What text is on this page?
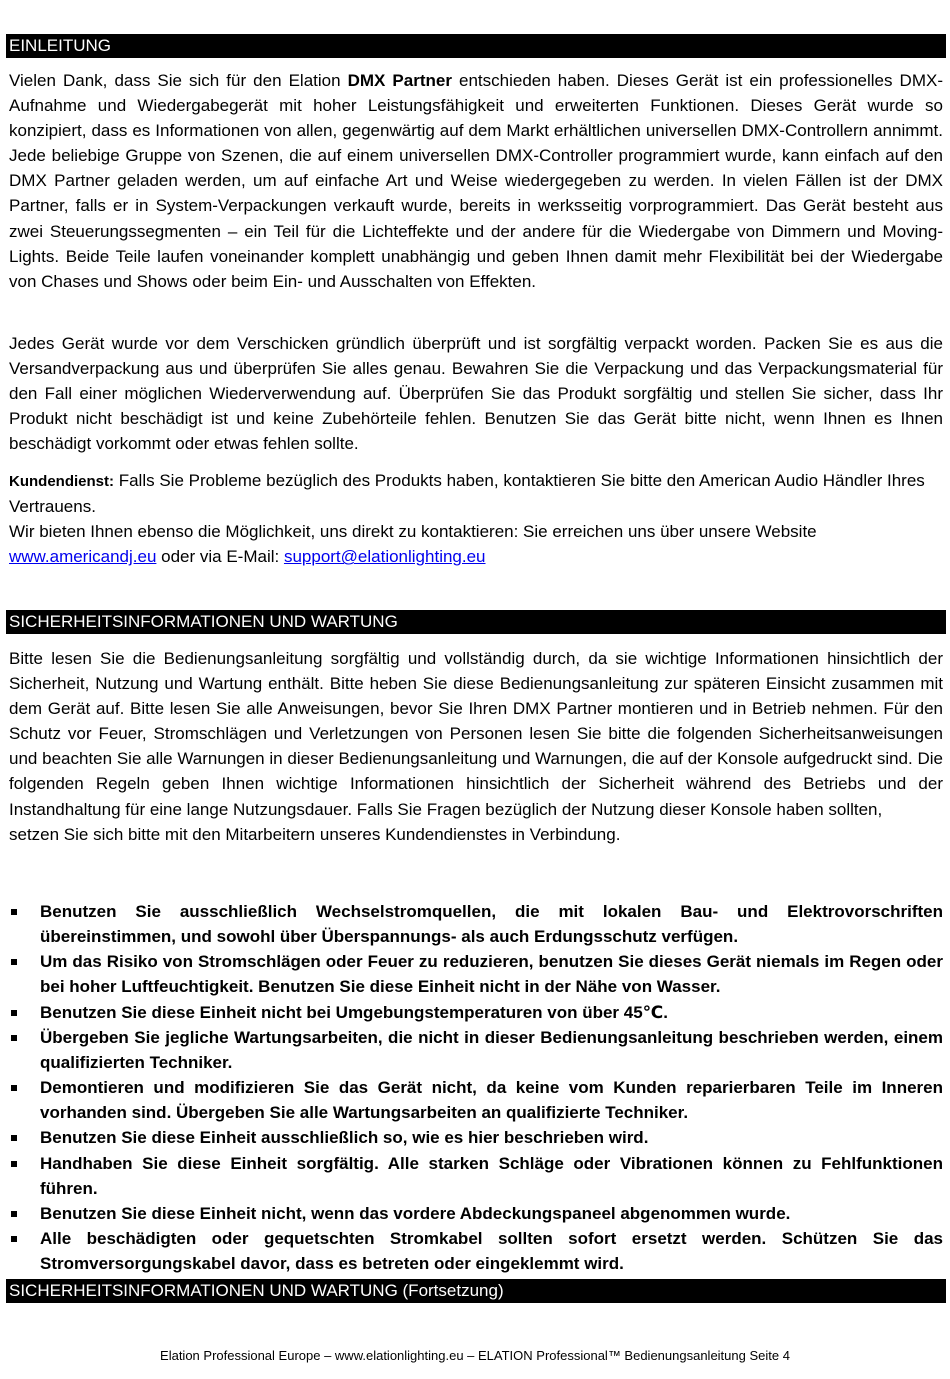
EINLEITUNG
Vielen Dank, dass Sie sich für den Elation DMX Partner entschieden haben. Dieses Gerät ist ein professionelles DMX-Aufnahme und Wiedergabegerät mit hoher Leistungsfähigkeit und erweiterten Funktionen. Dieses Gerät wurde so konzipiert, dass es Informationen von allen, gegenwärtig auf dem Markt erhältlichen universellen DMX-Controllern annimmt. Jede beliebige Gruppe von Szenen, die auf einem universellen DMX-Controller programmiert wurde, kann einfach auf den DMX Partner geladen werden, um auf einfache Art und Weise wiedergegeben zu werden. In vielen Fällen ist der DMX Partner, falls er in System-Verpackungen verkauft wurde, bereits in werksseitig vorprogrammiert. Das Gerät besteht aus zwei Steuerungssegmenten – ein Teil für die Lichteffekte und der andere für die Wiedergabe von Dimmern und Moving-Lights. Beide Teile laufen voneinander komplett unabhängig und geben Ihnen damit mehr Flexibilität bei der Wiedergabe von Chases und Shows oder beim Ein- und Ausschalten von Effekten.
Jedes Gerät wurde vor dem Verschicken gründlich überprüft und ist sorgfältig verpackt worden. Packen Sie es aus die Versandverpackung aus und überprüfen Sie alles genau. Bewahren Sie die Verpackung und das Verpackungsmaterial für den Fall einer möglichen Wiederverwendung auf. Überprüfen Sie das Produkt sorgfältig und stellen Sie sicher, dass Ihr Produkt nicht beschädigt ist und keine Zubehörteile fehlen. Benutzen Sie das Gerät bitte nicht, wenn Ihnen es Ihnen beschädigt vorkommt oder etwas fehlen sollte.
Kundendienst: Falls Sie Probleme bezüglich des Produkts haben, kontaktieren Sie bitte den American Audio Händler Ihres Vertrauens.
Wir bieten Ihnen ebenso die Möglichkeit, uns direkt zu kontaktieren: Sie erreichen uns über unsere Website
www.americandj.eu oder via E-Mail: support@elationlighting.eu
SICHERHEITSINFORMATIONEN UND WARTUNG
Bitte lesen Sie die Bedienungsanleitung sorgfältig und vollständig durch, da sie wichtige Informationen hinsichtlich der Sicherheit, Nutzung und Wartung enthält. Bitte heben Sie diese Bedienungsanleitung zur späteren Einsicht zusammen mit dem Gerät auf. Bitte lesen Sie alle Anweisungen, bevor Sie Ihren DMX Partner montieren und in Betrieb nehmen. Für den Schutz vor Feuer, Stromschlägen und Verletzungen von Personen lesen Sie bitte die folgenden Sicherheitsanweisungen und beachten Sie alle Warnungen in dieser Bedienungsanleitung und Warnungen, die auf der Konsole aufgedruckt sind. Die folgenden Regeln geben Ihnen wichtige Informationen hinsichtlich der Sicherheit während des Betriebs und der Instandhaltung für eine lange Nutzungsdauer. Falls Sie Fragen bezüglich der Nutzung dieser Konsole haben sollten,
setzen Sie sich bitte mit den Mitarbeitern unseres Kundendienstes in Verbindung.
Benutzen Sie ausschließlich Wechselstromquellen, die mit lokalen Bau- und Elektrovorschriften übereinstimmen, und sowohl über Überspannungs- als auch Erdungsschutz verfügen.
Um das Risiko von Stromschlägen oder Feuer zu reduzieren, benutzen Sie dieses Gerät niemals im Regen oder bei hoher Luftfeuchtigkeit. Benutzen Sie diese Einheit nicht in der Nähe von Wasser.
Benutzen Sie diese Einheit nicht bei Umgebungstemperaturen von über 45℃.
Übergeben Sie jegliche Wartungsarbeiten, die nicht in dieser Bedienungsanleitung beschrieben werden, einem qualifizierten Techniker.
Demontieren und modifizieren Sie das Gerät nicht, da keine vom Kunden reparierbaren Teile im Inneren vorhanden sind. Übergeben Sie alle Wartungsarbeiten an qualifizierte Techniker.
Benutzen Sie diese Einheit ausschließlich so, wie es hier beschrieben wird.
Handhaben Sie diese Einheit sorgfältig. Alle starken Schläge oder Vibrationen können zu Fehlfunktionen führen.
Benutzen Sie diese Einheit nicht, wenn das vordere Abdeckungspaneel abgenommen wurde.
Alle beschädigten oder gequetschten Stromkabel sollten sofort ersetzt werden. Schützen Sie das Stromversorgungskabel davor, dass es betreten oder eingeklemmt wird.
SICHERHEITSINFORMATIONEN UND WARTUNG (Fortsetzung)
Elation Professional Europe – www.elationlighting.eu – ELATION Professional™ Bedienungsanleitung Seite 4
